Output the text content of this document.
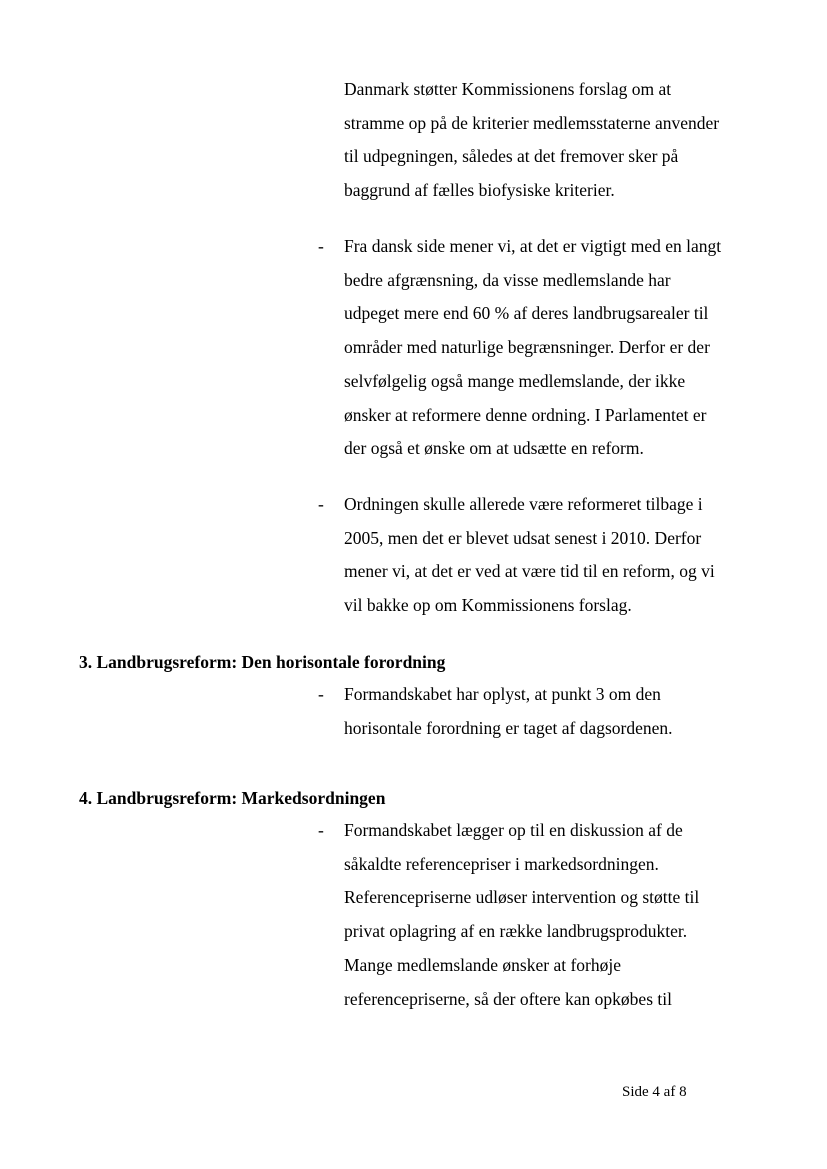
Danmark støtter Kommissionens forslag om at
stramme op på de kriterier medlemsstaterne anvender
til udpegningen, således at det fremover sker på
baggrund af fælles biofysiske kriterier.
- Fra dansk side mener vi, at det er vigtigt med en langt
bedre afgrænsning, da visse medlemslande har
udpeget mere end 60 % af deres landbrugsarealer til
områder med naturlige begrænsninger. Derfor er der
selvfølgelig også mange medlemslande, der ikke
ønsker at reformere denne ordning. I Parlamentet er
der også et ønske om at udsætte en reform.
- Ordningen skulle allerede være reformeret tilbage i
2005, men det er blevet udsat senest i 2010. Derfor
mener vi, at det er ved at være tid til en reform, og vi
vil bakke op om Kommissionens forslag.
3. Landbrugsreform: Den horisontale forordning
- Formandskabet har oplyst, at punkt 3 om den
horisontale forordning er taget af dagsordenen.
4. Landbrugsreform: Markedsordningen
- Formandskabet lægger op til en diskussion af de
såkaldte referencepriser i markedsordningen.
Referencepriserne udløser intervention og støtte til
privat oplagring af en række landbrugsprodukter.
Mange medlemslande ønsker at forhøje
referencepriserne, så der oftere kan opkøbes til
Side 4 af 8
